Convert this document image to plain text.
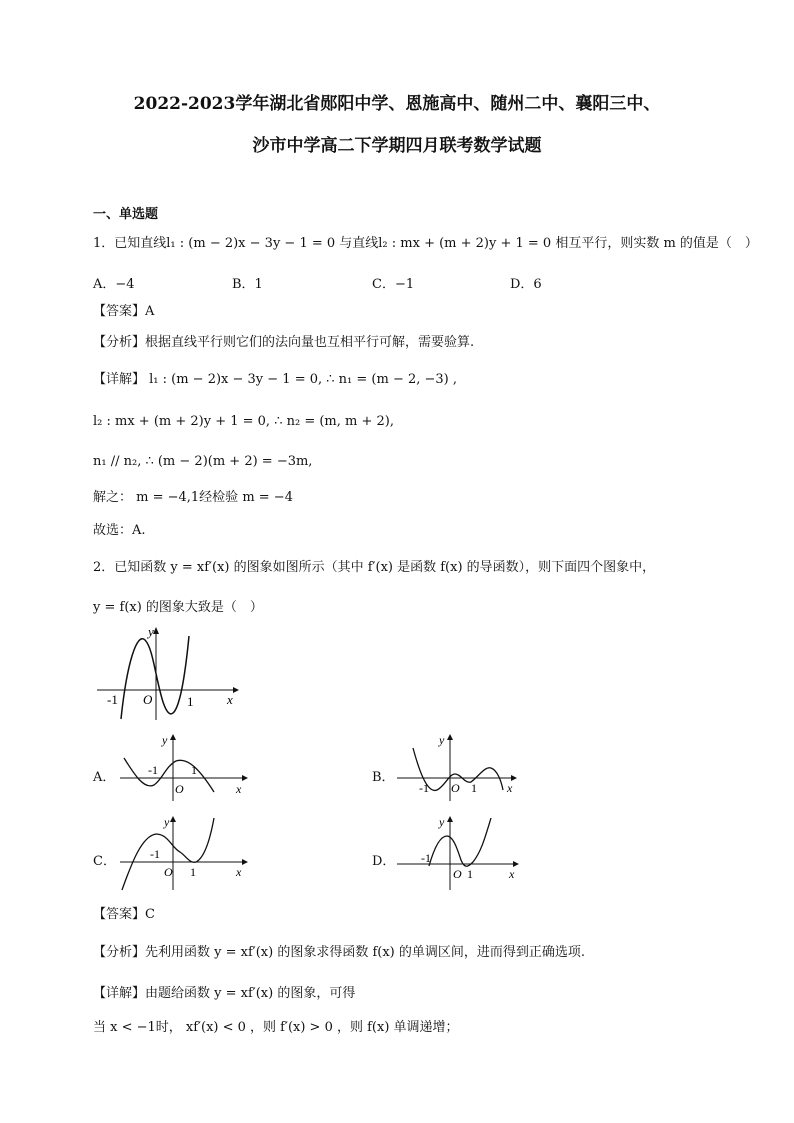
2022-2023学年湖北省郧阳中学、恩施高中、随州二中、襄阳三中、
沙市中学高二下学期四月联考数学试题
一、单选题
1．已知直线l₁ : (m − 2)x − 3y − 1 = 0 与直线l₂ : mx + (m + 2)y + 1 = 0 相互平行，则实数 m 的值是（　）
A．−4	B．1	C．−1	D．6
【答案】A
【分析】根据直线平行则它们的法向量也互相平行可解，需要验算.
【详解】 l₁ : (m − 2)x − 3y − 1 = 0, ∴ n₁ = (m − 2, −3) ,
l₂ : mx + (m + 2)y + 1 = 0, ∴ n₂ = (m, m + 2),
n₁ // n₂, ∴ (m − 2)(m + 2) = −3m,
解之： m = −4,1经检验 m = −4
故选：A.
2．已知函数 y = xf′(x) 的图象如图所示（其中 f′(x) 是函数 f(x) 的导函数），则下面四个图象中，
y = f(x) 的图象大致是（　）
y
x
O
-1	1
A．
y
x
O
-1	1	B．
y
x
O
-1	1
C．
y
x
O
-1
1
D．
y
x
O
-1
1
【答案】C
【分析】先利用函数 y = xf′(x) 的图象求得函数 f(x) 的单调区间，进而得到正确选项.
【详解】由题给函数 y = xf′(x) 的图象，可得
当 x < −1时， xf′(x) < 0 ，则 f′(x) > 0 ，则 f(x) 单调递增；
